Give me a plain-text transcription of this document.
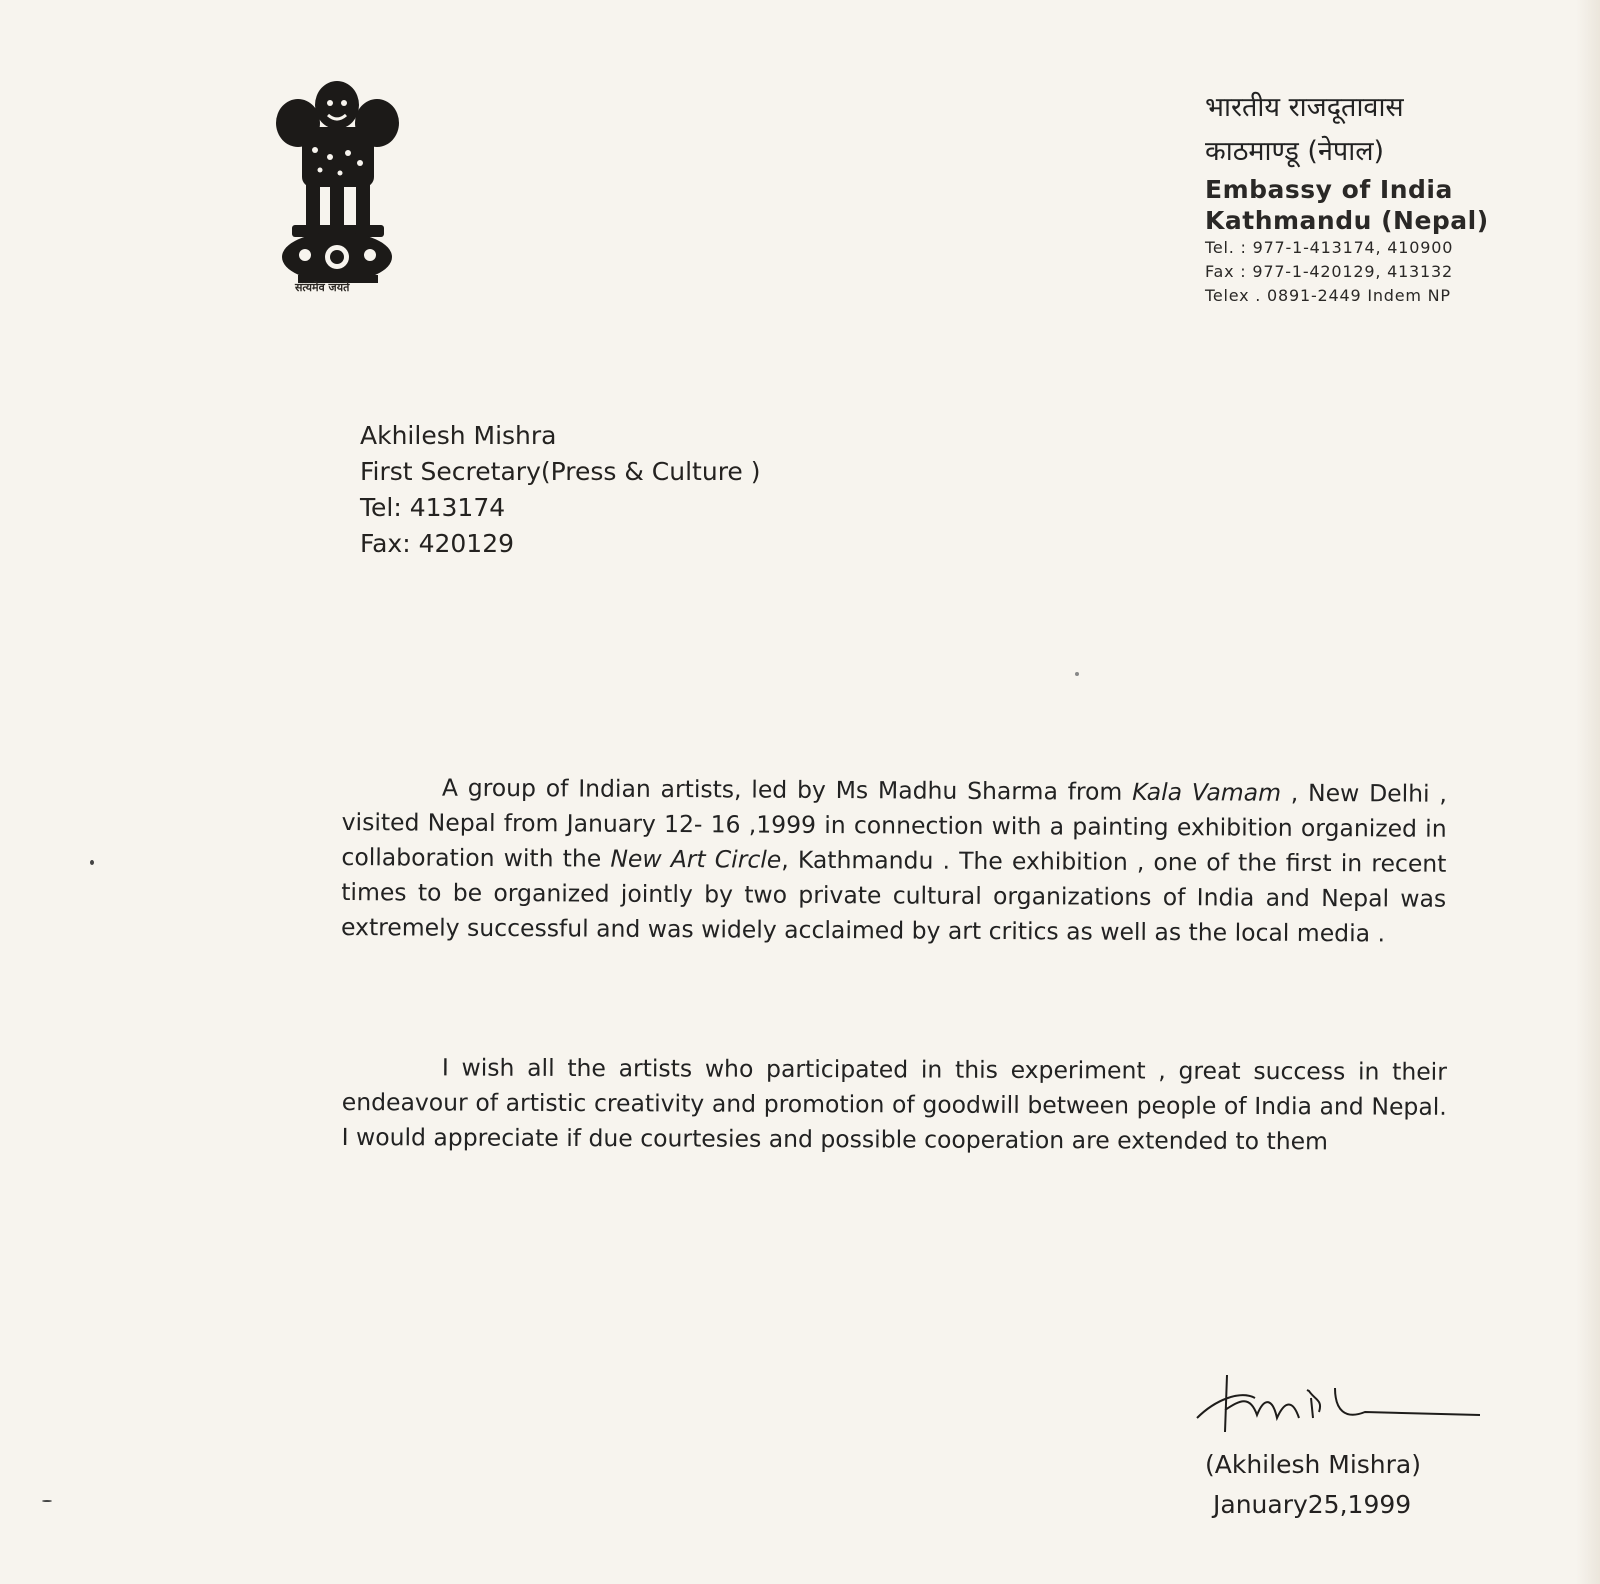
सत्यमेव जयते
भारतीय राजदूतावास
काठमाण्डू (नेपाल)
Embassy of India
Kathmandu (Nepal)
Tel. : 977-1-413174, 410900
Fax : 977-1-420129, 413132
Telex . 0891-2449 Indem NP
Akhilesh Mishra
First Secretary(Press & Culture )
Tel: 413174
Fax: 420129
A group of Indian artists, led by Ms Madhu Sharma from Kala Vamam , New Delhi , visited Nepal from January 12- 16 ,1999 in connection with a painting exhibition organized in collaboration with the New Art Circle, Kathmandu . The exhibition , one of the first in recent times to be organized jointly by two private cultural organizations of India and Nepal was extremely successful and was widely acclaimed by art critics as well as the local media .
I wish all the artists who participated in this experiment , great success in their endeavour of artistic creativity and promotion of goodwill between people of India and Nepal. I would appreciate if due courtesies and possible cooperation are extended to them
(Akhilesh Mishra)
January25,1999
